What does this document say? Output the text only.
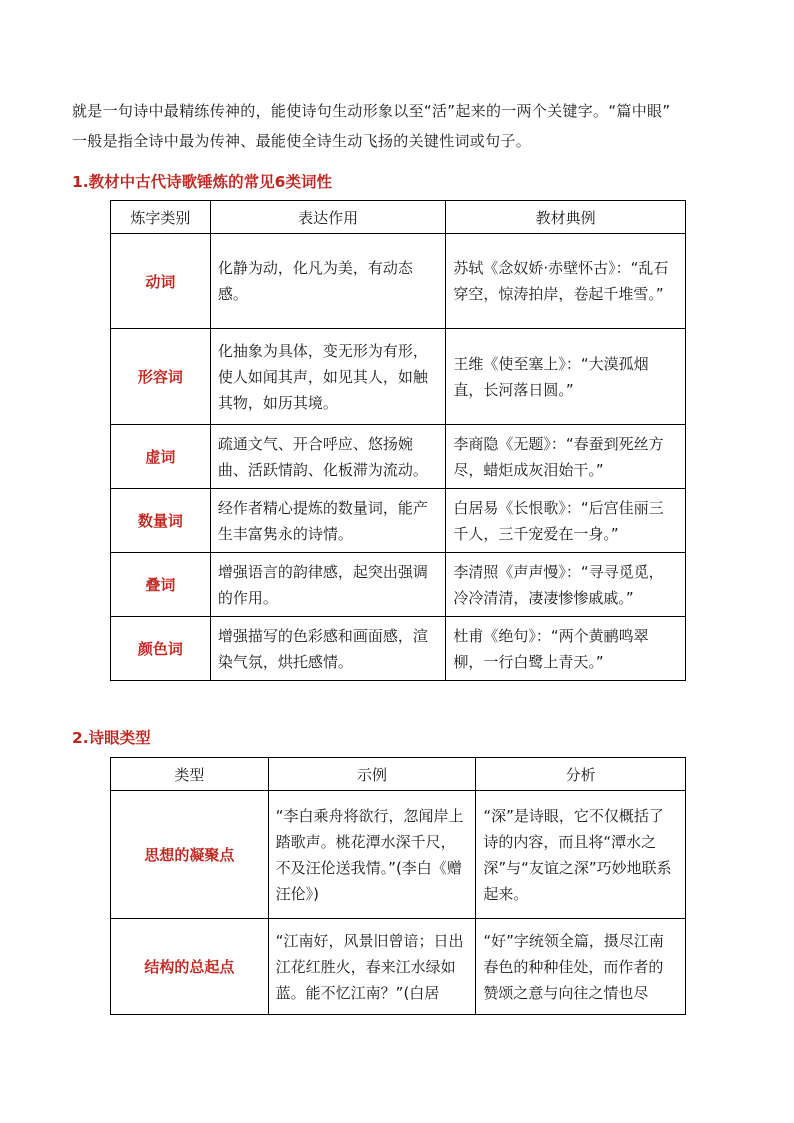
就是一句诗中最精练传神的，能使诗句生动形象以至“活”起来的一两个关键字。“篇中眼”

一般是指全诗中最为传神、最能使全诗生动飞扬的关键性词或句子。

1.教材中古代诗歌锤炼的常见6类词性
炼字类别	表达作用	教材典例
动词	化静为动，化凡为美，有动态感。	苏轼《念奴娇·赤壁怀古》：“乱石穿空，惊涛拍岸，卷起千堆雪。”
形容词	化抽象为具体，变无形为有形，使人如闻其声，如见其人，如触其物，如历其境。	王维《使至塞上》：“大漠孤烟直，长河落日圆。”
虚词	疏通文气、开合呼应、悠扬婉曲、活跃情韵、化板滞为流动。	李商隐《无题》：“春蚕到死丝方尽，蜡炬成灰泪始干。”
数量词	经作者精心提炼的数量词，能产生丰富隽永的诗情。	白居易《长恨歌》：“后宫佳丽三千人，三千宠爱在一身。”
叠词	增强语言的韵律感，起突出强调的作用。	李清照《声声慢》：“寻寻觅觅，冷冷清清，凄凄惨惨戚戚。”
颜色词	增强描写的色彩感和画面感，渲染气氛，烘托感情。	杜甫《绝句》：“两个黄鹂鸣翠柳，一行白鹭上青天。”
2.诗眼类型
类型	示例	分析
思想的凝聚点	“李白乘舟将欲行，忽闻岸上踏歌声。桃花潭水深千尺，不及汪伦送我情。”(李白《赠汪伦》)	“深”是诗眼，它不仅概括了诗的内容，而且将“潭水之深”与“友谊之深”巧妙地联系起来。
结构的总起点	“江南好，风景旧曾谙；日出江花红胜火，春来江水绿如蓝。能不忆江南？”(白居	“好”字统领全篇，摄尽江南春色的种种佳处，而作者的赞颂之意与向往之情也尽
